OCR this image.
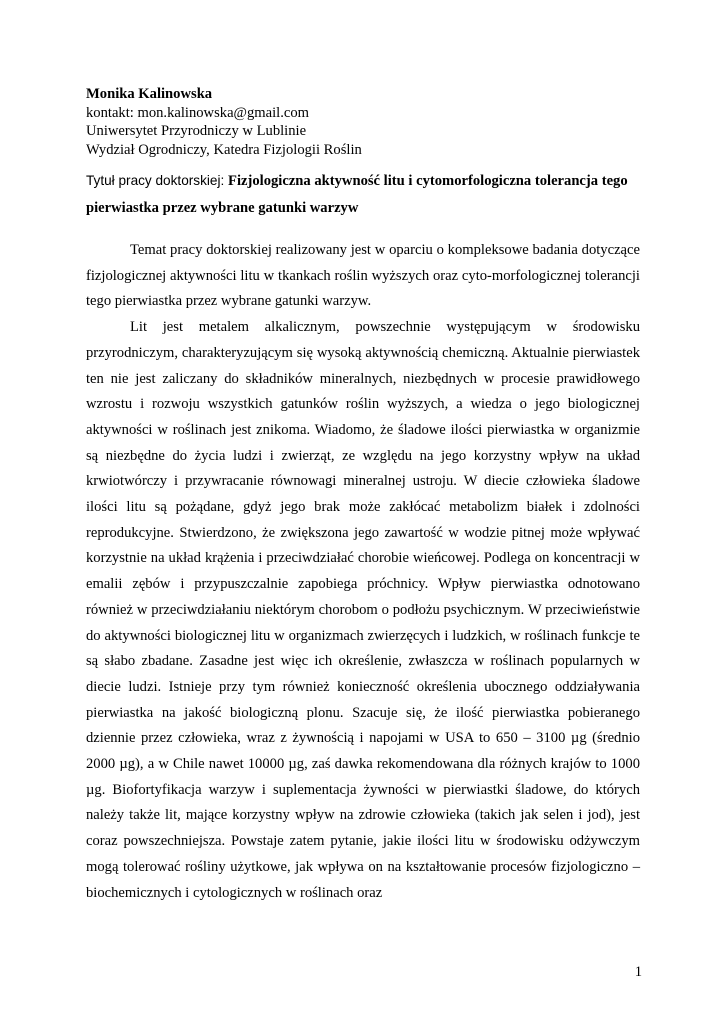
Monika Kalinowska
kontakt: mon.kalinowska@gmail.com
Uniwersytet Przyrodniczy w Lublinie
Wydział Ogrodniczy, Katedra Fizjologii Roślin
Tytuł pracy doktorskiej: Fizjologiczna aktywność litu i cytomorfologiczna tolerancja tego pierwiastka przez wybrane gatunki warzyw

Temat pracy doktorskiej realizowany jest w oparciu o kompleksowe badania dotyczące fizjologicznej aktywności litu w tkankach roślin wyższych oraz cyto-morfologicznej tolerancji tego pierwiastka przez wybrane gatunki warzyw.

Lit jest metalem alkalicznym, powszechnie występującym w środowisku przyrodniczym, charakteryzującym się wysoką aktywnością chemiczną. Aktualnie pierwiastek ten nie jest zaliczany do składników mineralnych, niezbędnych w procesie prawidłowego wzrostu i rozwoju wszystkich gatunków roślin wyższych, a wiedza o jego biologicznej aktywności w roślinach jest znikoma. Wiadomo, że śladowe ilości pierwiastka w organizmie są niezbędne do życia ludzi i zwierząt, ze względu na jego korzystny wpływ na układ krwiotwórczy i przywracanie równowagi mineralnej ustroju. W diecie człowieka śladowe ilości litu są pożądane, gdyż jego brak może zakłócać metabolizm białek i zdolności reprodukcyjne. Stwierdzono, że zwiększona jego zawartość w wodzie pitnej może wpływać korzystnie na układ krążenia i przeciwdziałać chorobie wieńcowej. Podlega on koncentracji w emalii zębów i przypuszczalnie zapobiega próchnicy. Wpływ pierwiastka odnotowano również w przeciwdziałaniu niektórym chorobom o podłożu psychicznym. W przeciwieństwie do aktywności biologicznej litu w organizmach zwierzęcych i ludzkich, w roślinach funkcje te są słabo zbadane. Zasadne jest więc ich określenie, zwłaszcza w roślinach popularnych w diecie ludzi. Istnieje przy tym również konieczność określenia ubocznego oddziaływania pierwiastka na jakość biologiczną plonu. Szacuje się, że ilość pierwiastka pobieranego dziennie przez człowieka, wraz z żywnością i napojami w USA to 650 – 3100 µg (średnio 2000 µg), a w Chile nawet 10000 µg, zaś dawka rekomendowana dla różnych krajów to 1000 µg. Biofortyfikacja warzyw i suplementacja żywności w pierwiastki śladowe, do których należy także lit, mające korzystny wpływ na zdrowie człowieka (takich jak selen i jod), jest coraz powszechniejsza. Powstaje zatem pytanie, jakie ilości litu w środowisku odżywczym mogą tolerować rośliny użytkowe, jak wpływa on na kształtowanie procesów fizjologiczno – biochemicznych i cytologicznych w roślinach oraz

1
